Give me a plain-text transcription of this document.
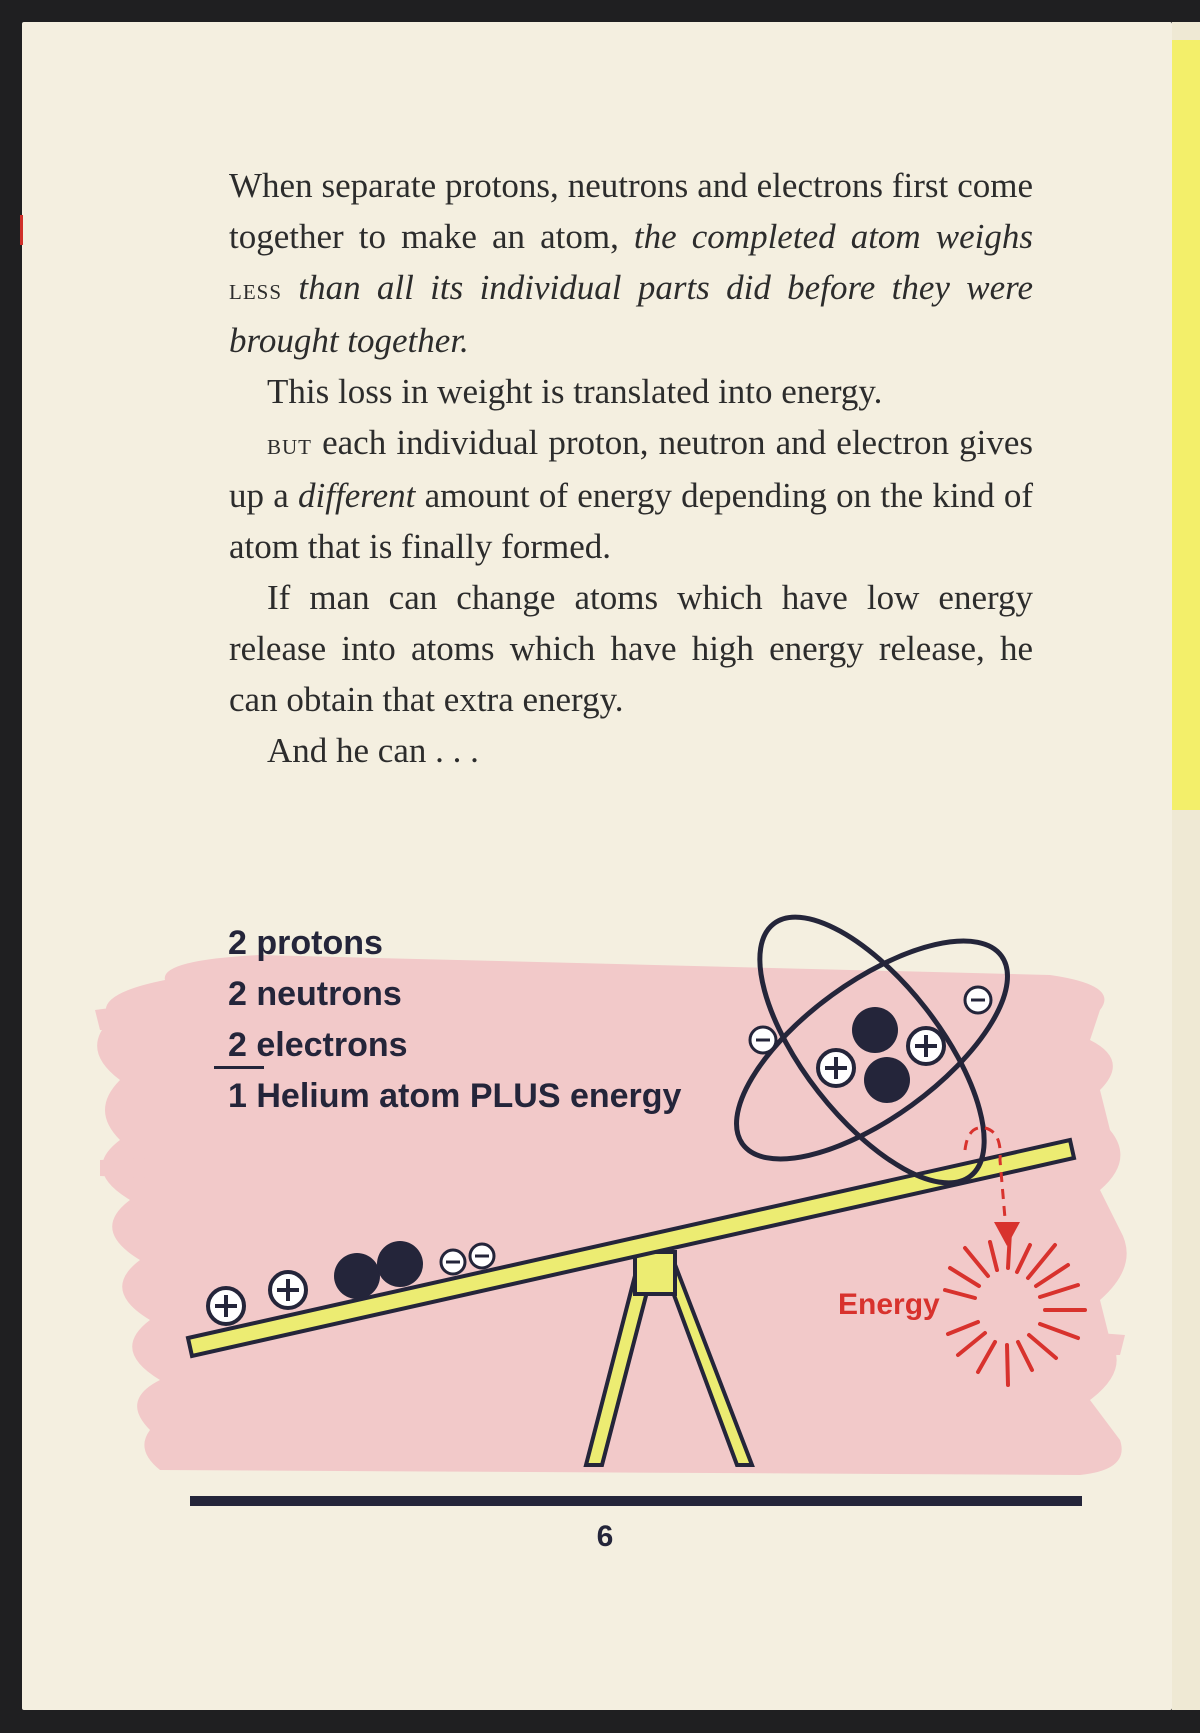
When separate protons, neutrons and electrons first come together to make an atom, the completed atom weighs less than all its individual parts did before they were brought together.

This loss in weight is translated into energy.

but each individual proton, neutron and electron gives up a different amount of energy depending on the kind of atom that is finally formed.

If man can change atoms which have low energy release into atoms which have high energy release, he can obtain that extra energy.

And he can . . .

2 protons
2 neutrons
2 electrons
1 Helium atom PLUS energy
Energy
6
